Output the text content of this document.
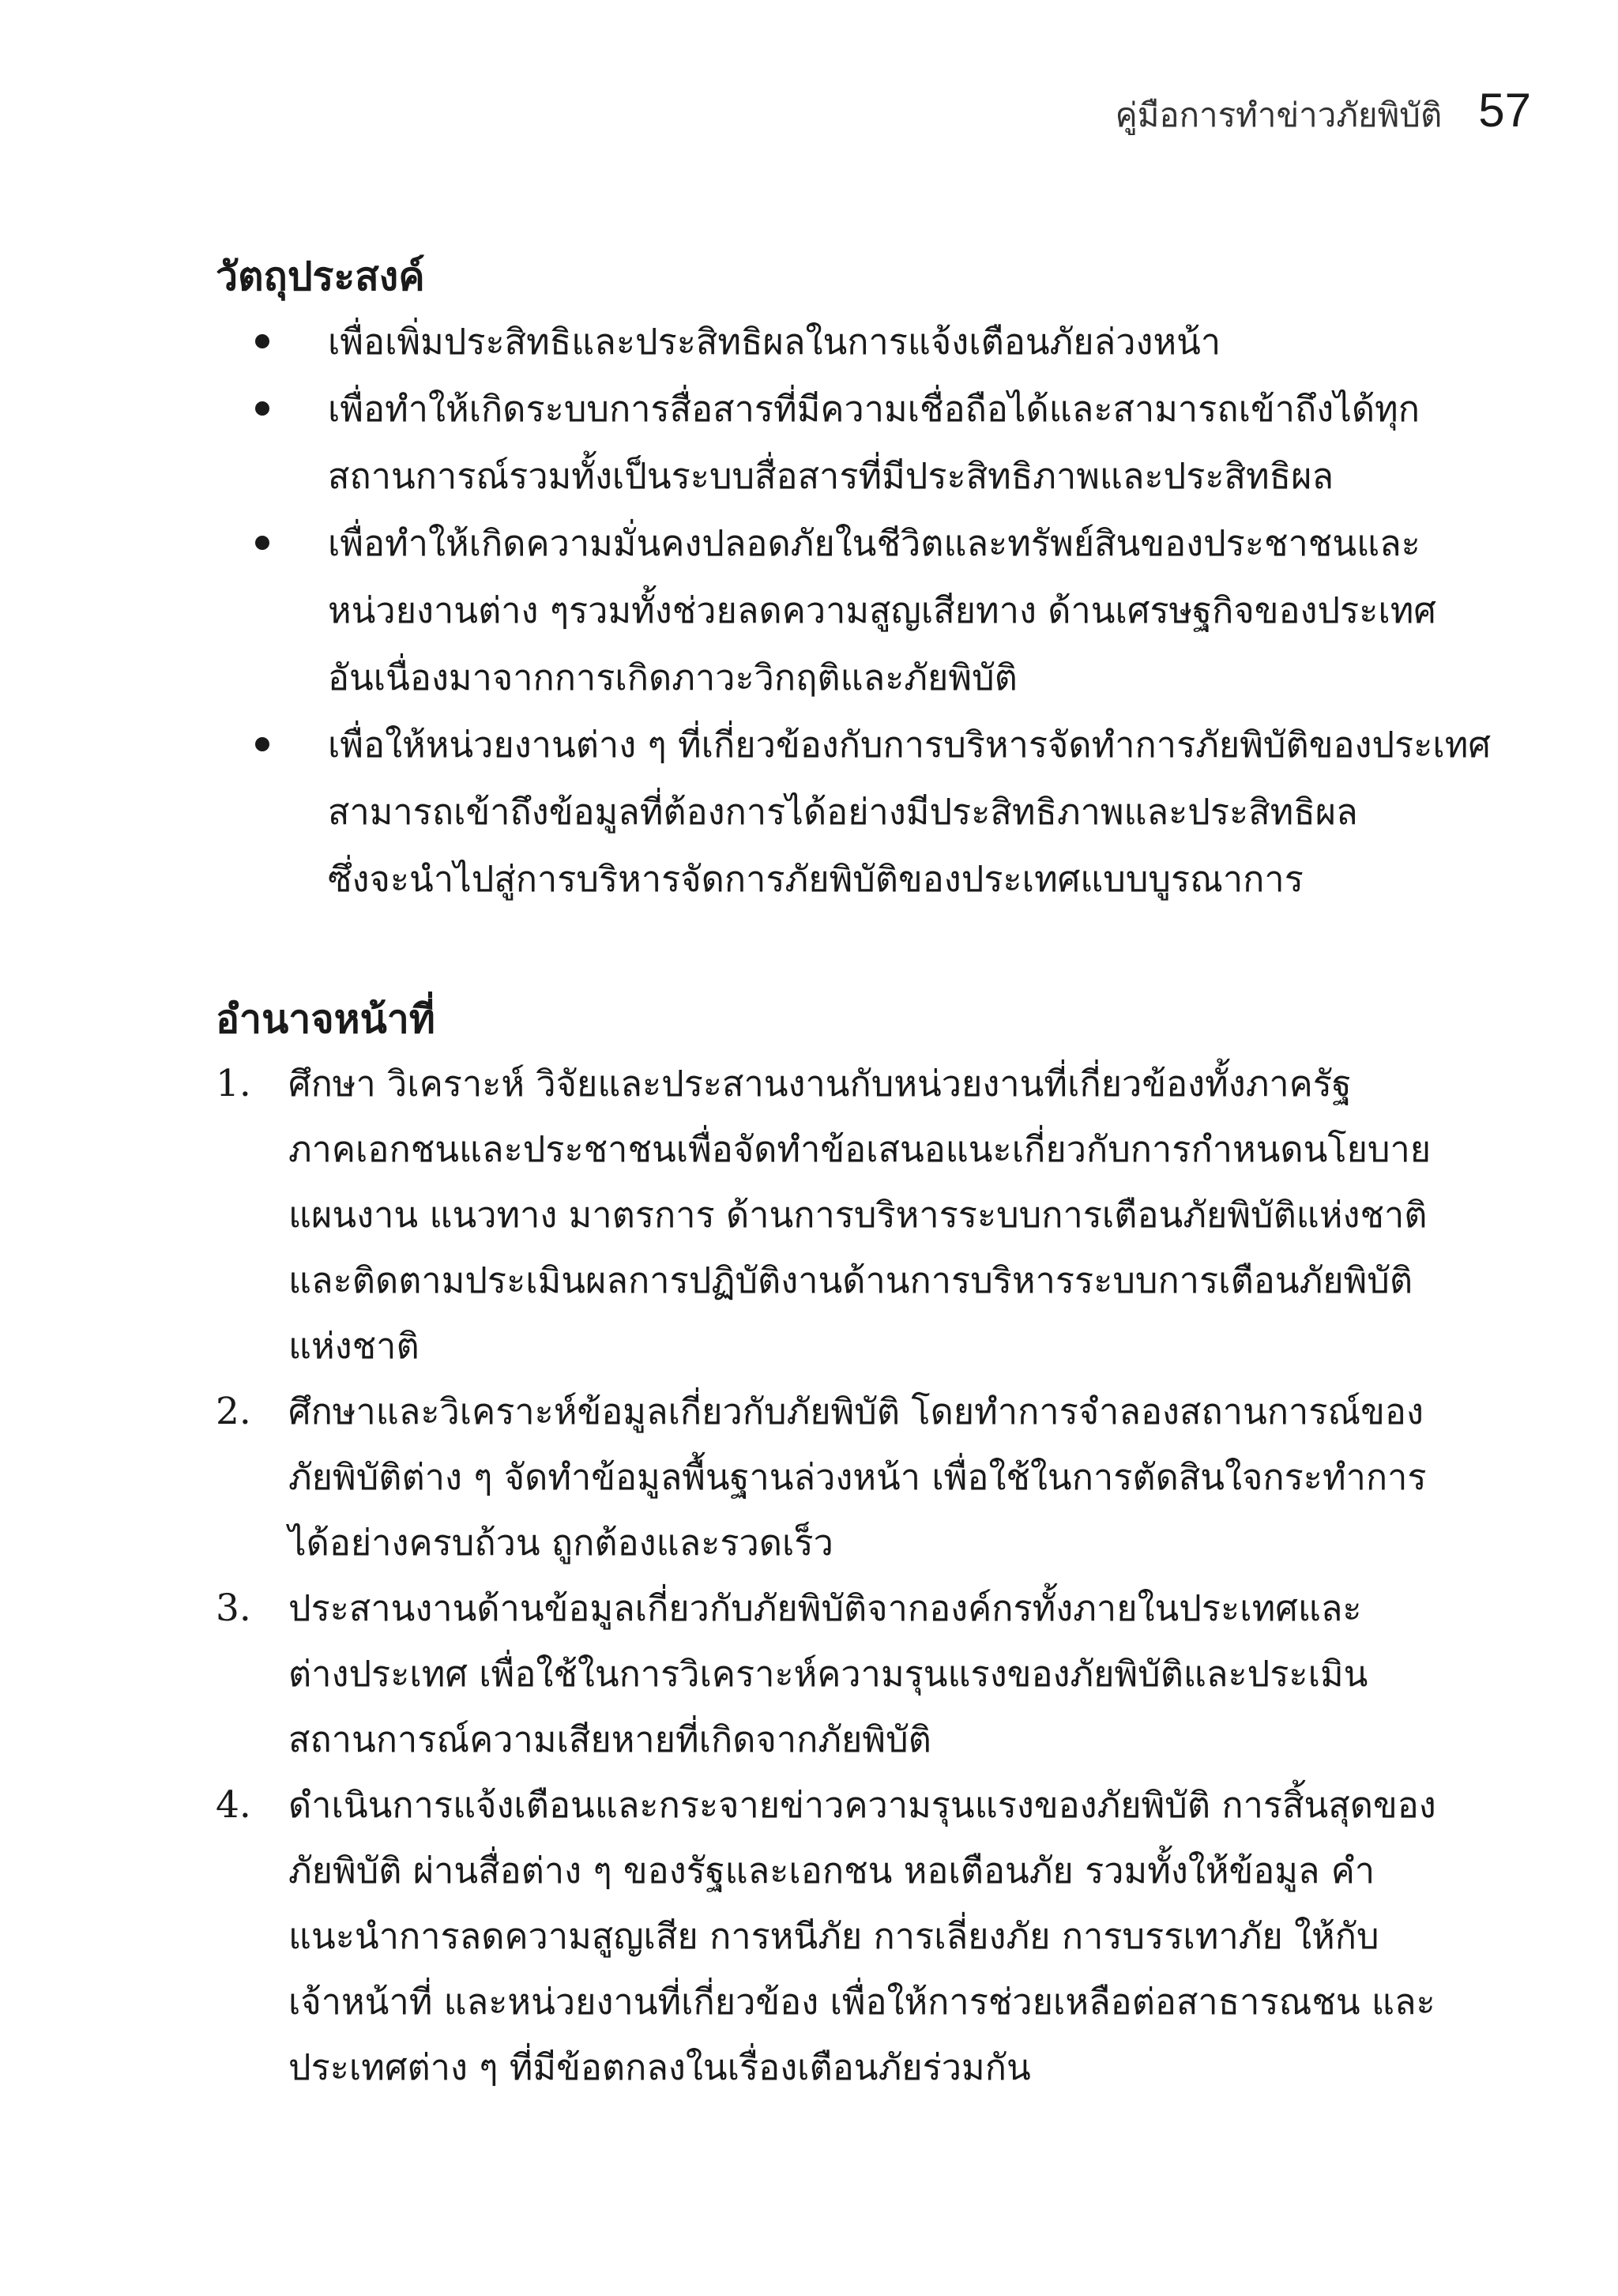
คู่มือการทำข่าวภัยพิบัติ 57
วัตถุประสงค์
เพื่อเพิ่มประสิทธิและประสิทธิผลในการแจ้งเตือนภัยล่วงหน้า
เพื่อทำให้เกิดระบบการสื่อสารที่มีความเชื่อถือได้และสามารถเข้าถึงได้ทุก
สถานการณ์รวมทั้งเป็นระบบสื่อสารที่มีประสิทธิภาพและประสิทธิผล
เพื่อทำให้เกิดความมั่นคงปลอดภัยในชีวิตและทรัพย์สินของประชาชนและ
หน่วยงานต่าง ๆรวมทั้งช่วยลดความสูญเสียทาง ด้านเศรษฐกิจของประเทศ
อันเนื่องมาจากการเกิดภาวะวิกฤติและภัยพิบัติ
เพื่อให้หน่วยงานต่าง ๆ ที่เกี่ยวข้องกับการบริหารจัดทำการภัยพิบัติของประเทศ
สามารถเข้าถึงข้อมูลที่ต้องการได้อย่างมีประสิทธิภาพและประสิทธิผล
ซึ่งจะนำไปสู่การบริหารจัดการภัยพิบัติของประเทศแบบบูรณาการ
อำนาจหน้าที่
1. ศึกษา วิเคราะห์ วิจัยและประสานงานกับหน่วยงานที่เกี่ยวข้องทั้งภาครัฐ
ภาคเอกชนและประชาชนเพื่อจัดทำข้อเสนอแนะเกี่ยวกับการกำหนดนโยบาย
แผนงาน แนวทาง มาตรการ ด้านการบริหารระบบการเตือนภัยพิบัติแห่งชาติ
และติดตามประเมินผลการปฏิบัติงานด้านการบริหารระบบการเตือนภัยพิบัติ
แห่งชาติ
2. ศึกษาและวิเคราะห์ข้อมูลเกี่ยวกับภัยพิบัติ โดยทำการจำลองสถานการณ์ของ
ภัยพิบัติต่าง ๆ จัดทำข้อมูลพื้นฐานล่วงหน้า เพื่อใช้ในการตัดสินใจกระทำการ
ได้อย่างครบถ้วน ถูกต้องและรวดเร็ว
3. ประสานงานด้านข้อมูลเกี่ยวกับภัยพิบัติจากองค์กรทั้งภายในประเทศและ
ต่างประเทศ เพื่อใช้ในการวิเคราะห์ความรุนแรงของภัยพิบัติและประเมิน
สถานการณ์ความเสียหายที่เกิดจากภัยพิบัติ
4. ดำเนินการแจ้งเตือนและกระจายข่าวความรุนแรงของภัยพิบัติ การสิ้นสุดของ
ภัยพิบัติ ผ่านสื่อต่าง ๆ ของรัฐและเอกชน หอเตือนภัย รวมทั้งให้ข้อมูล คำ
แนะนำการลดความสูญเสีย การหนีภัย การเลี่ยงภัย การบรรเทาภัย ให้กับ
เจ้าหน้าที่ และหน่วยงานที่เกี่ยวข้อง เพื่อให้การช่วยเหลือต่อสาธารณชน และ
ประเทศต่าง ๆ ที่มีข้อตกลงในเรื่องเตือนภัยร่วมกัน
